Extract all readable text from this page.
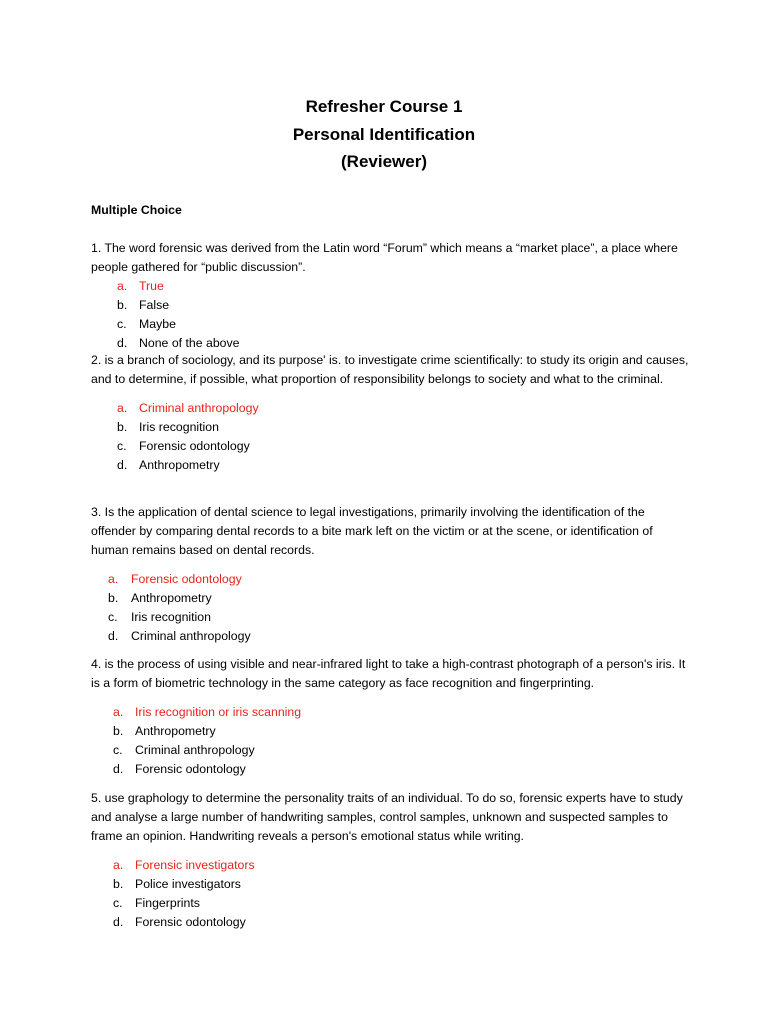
Refresher Course 1
Personal Identification
(Reviewer)
Multiple Choice

1. The word forensic was derived from the Latin word “Forum” which means a “market place”, a place where people gathered for “public discussion”.

a. True
b. False
c.	Maybe
d. None of the above

2. is a branch of sociology, and its purpose' is. to investigate crime scientifically: to study its origin and causes, and to determine, if possible, what proportion of responsibility belongs to society and what to the criminal.

a. Criminal anthropology
b. Iris recognition
c.	Forensic odontology
d. Anthropometry

3. Is the application of dental science to legal investigations, primarily involving the identification of the offender by comparing dental records to a bite mark left on the victim or at the scene, or identification of human remains based on dental records.

a.	Forensic odontology
b.	Anthropometry
c.	Iris recognition
d.	Criminal anthropology

4. is the process of using visible and near-infrared light to take a high-contrast photograph of a person's iris. It is a form of biometric technology in the same category as face recognition and fingerprinting.

a. Iris recognition or iris scanning
b. Anthropometry
c.	Criminal anthropology
d. Forensic odontology

5. use graphology to determine the personality traits of an individual. To do so, forensic experts have to study and analyse a large number of handwriting samples, control samples, unknown and suspected samples to frame an opinion. Handwriting reveals a person's emotional status while writing.

a. Forensic investigators
b. Police investigators
c.	Fingerprints
d. Forensic odontology
